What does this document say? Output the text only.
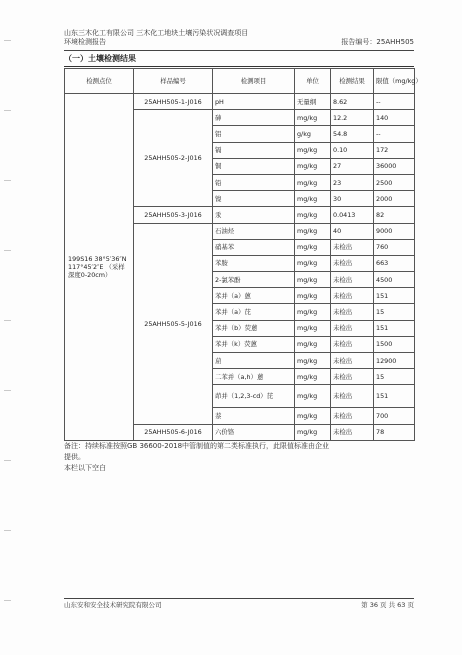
山东三木化工有限公司 三木化工地块土壤污染状况调查项目
环境检测报告	报告编号：25AHH505
（一）土壤检测结果
检测点位	样品编号	检测项目	单位	检测结果	限值（mg/kg）
199S16 38°5′36″N 117°45′2″E （采样深度0-20cm）	25AHH505-1-J016	pH	无量纲	8.62	--
	25AHH505-2-J016	砷	mg/kg	12.2	140
		铝	g/kg	54.8	--
		镉	mg/kg	0.10	172
		铜	mg/kg	27	36000
		铅	mg/kg	23	2500
		镍	mg/kg	30	2000
	25AHH505-3-J016	汞	mg/kg	0.0413	82
	25AHH505-5-J016	石油烃	mg/kg	40	9000
		硝基苯	mg/kg	未检出	760
		苯胺	mg/kg	未检出	663
		2-氯苯酚	mg/kg	未检出	4500
		苯并（a）蒽	mg/kg	未检出	151
		苯并（a）芘	mg/kg	未检出	15
		苯并（b）荧蒽	mg/kg	未检出	151
		苯并（k）荧蒽	mg/kg	未检出	1500
		䓛	mg/kg	未检出	12900
		二苯并（a,h）蒽	mg/kg	未检出	15
		茚并（1,2,3-cd）芘	mg/kg	未检出	151
		萘	mg/kg	未检出	700
	25AHH505-6-J016	六价铬	mg/kg	未检出	78
备注：持续标准按照GB 36600-2018中管制值的第二类标准执行，此限值标准由企业
提供。
本栏以下空白
山东安和安全技术研究院有限公司	第 36 页 共 63 页
